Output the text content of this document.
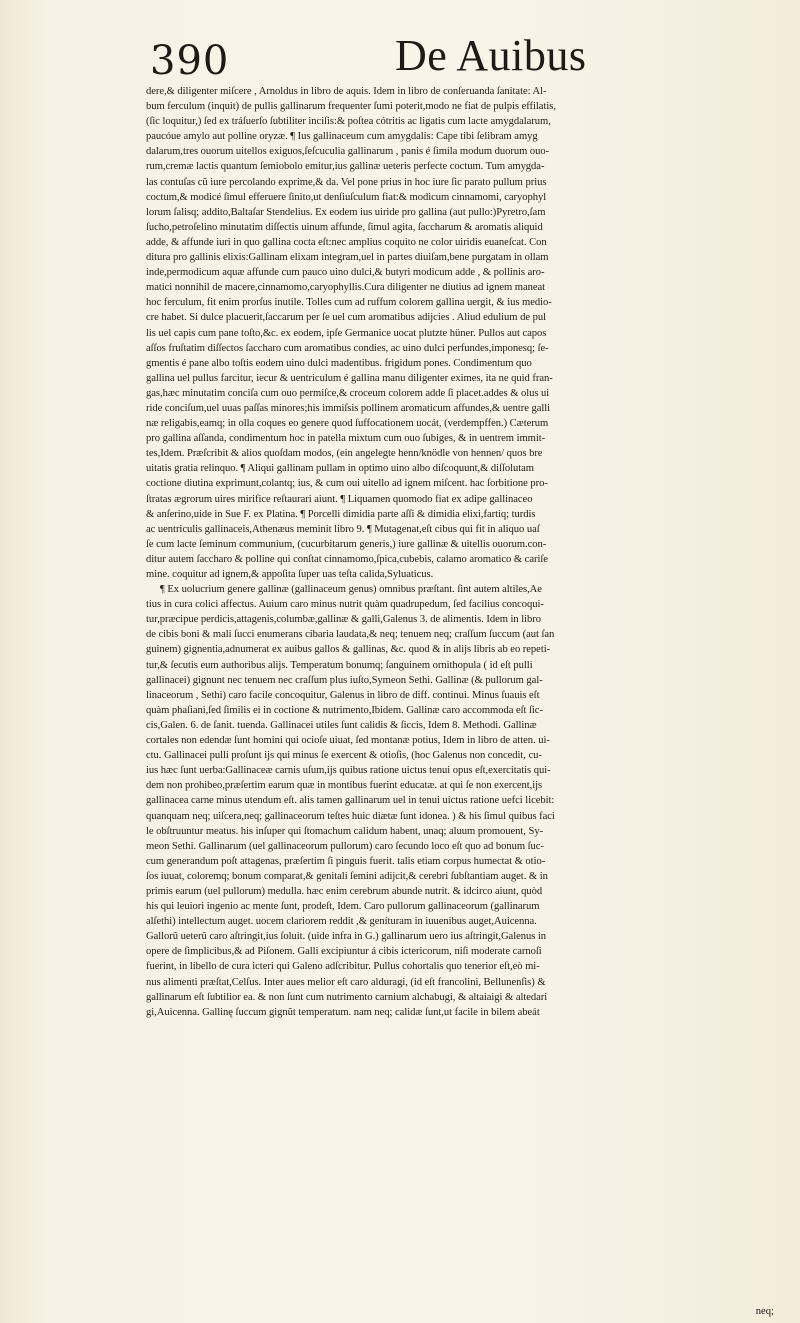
390	De Auibus
dere,& diligenter miſcere , Arnoldus in libro de aquis. Idem in libro de conſeruanda ſanitate: Al-
bum ferculum (inquit) de pullis gallinarum frequenter ſumi poterit,modo ne fiat de pulpis effilatis,
(ſic loquitur,) ſed ex tráſuerſo ſubtiliter inciſis:& poſtea cótritis ac ligatis cum lacte amygdalarum,
paucóue amylo aut polline oryzæ. ¶ Ius gallinaceum cum amygdalis: Cape tibi ſelibram amyg
dalarum,tres ouorum uitellos exiguos,ſeſcuculia gallinarum , panis é ſimila modum duorum ouo-
rum,cremæ lactis quantum ſemiobolo emitur,ius gallinæ ueteris perfecte coctum. Tum amygda-
las contuſas cũ iure percolando exprime,& da. Vel pone prius in hoc iure ſic parato pullum prius
coctum,& modicé ſimul efferuere ſinito,ut denſiuſculum fiat:& modicum cinnamomi, caryophyl
lorum ſalisq; addito,Baltaſar Stendelius. Ex eodem ius uiride pro gallina (aut pullo:)Pyretro,ſam
ſucho,petroſelino minutatim diſſectis uinum affunde, ſimul agita, ſaccharum & aromatis aliquid
adde, & affunde iuri in quo gallina cocta eſt:nec amplius coquito ne color uiridis euaneſcat. Con
ditura pro gallinis elixis:Gallinam elixam integram,uel in partes diuiſam,bene purgatam in ollam
inde,permodicum aquæ affunde cum pauco uino dulci,& butyri modicum adde , & pollinis aro-
matici nonnihil de macere,cinnamomo,caryophyllis.Cura diligenter ne diutius ad ignem maneat
hoc ferculum, fit enim prorſus inutile. Tolles cum ad ruffum colorem gallina uergit, & ius medio-
cre habet. Si dulce placuerit,ſaccarum per ſe uel cum aromatibus adijcies . Aliud edulium de pul
lis uel capis cum pane toſto,&c. ex eodem, ipſe Germanice uocat plutzte hüner. Pullos aut capos
aſſos fruſtatim diſſectos ſaccharo cum aromatibus condies, ac uino dulci perfundes,imponesq; ſe-
gmentis é pane albo toſtis eodem uino dulci madentibus. frigidum pones. Condimentum quo
gallina uel pullus farcitur, iecur & uentriculum é gallina manu diligenter eximes, ita ne quid fran-
gas,hæc minutatim conciſa cum ouo permiſce,& croceum colorem adde ſi placet.addes & olus ui
ride conciſum,uel uuas paſſas minores;his immiſsis pollinem aromaticum affundes,& uentre galli
næ religabis,eamq; in olla coques eo genere quod ſuffocationem uocát, (verdempffen.) Cæterum
pro gallina aſſanda, condimentum hoc in patella mixtum cum ouo ſubiges, & in uentrem immit-
tes,Idem. Præſcribit & alios quoſdam modos, (ein angelegte henn/knödle von hennen/ quos bre
uitatis gratia relinquo. ¶ Aliqui gallinam pullam in optimo uino albo diſcoquunt,& diſſolutam
coctione diutina exprimunt,colantq; ius, & cum oui uitello ad ignem miſcent. hac ſorbitione pro-
ſtratas ægrorum uires mirifice reſtaurari aiunt. ¶ Liquamen quomodo fiat ex adipe gallinaceo
& anſerino,uide in Sue F. ex Platina. ¶ Porcelli dimidia parte aſſi & dimidia elixi,fartiq; turdis
ac uentriculis gallinaceis,Athenæus meminit libro 9. ¶ Mutagenat,eſt cibus qui fit in aliquo uaſ
ſe cum lacte ſeminum communium, (cucurbitarum generis,) iure gallinæ & uitellis ouorum.con-
ditur autem ſaccharo & polline qui conſtat cinnamomo,ſpica,cubebis, calamo aromatico & cariſe
mine. coquitur ad ignem,& appoſita ſuper uas teſta calida,Syluaticus.
¶ Ex uolucrium genere gallinæ (gallinaceum genus) omnibus præſtant. ſint autem altiles,Ae
tius in cura colici affectus. Auium caro minus nutrit quàm quadrupedum, ſed facilius concoqui-
tur,præcipue perdicis,attagenis,columbæ,gallinæ & galli,Galenus 3. de alimentis. Idem in libro
de cibis boni & mali ſucci enumerans cibaria laudata,& neq; tenuem neq; craſſum ſuccum (aut ſan
guinem) gignentia,adnumerat ex auibus gallos & gallinas, &c. quod & in alijs libris ab eo repeti-
tur,& ſecutis eum authoribus alijs. Temperatum bonumq; ſanguinem ornithopula ( id eſt pulli
gallinacei) gignunt nec tenuem nec craſſum plus iuſto,Symeon Sethi. Gallinæ (& pullorum gal-
linaceorum , Sethi) caro facile concoquitur, Galenus in libro de diff. continui. Minus ſuauis eſt
quàm phaſiani,ſed ſimilis ei in coctione & nutrimento,Ibidem. Gallinæ caro accommoda eſt ſic-
cis,Galen. 6. de ſanit. tuenda. Gallinacei utiles ſunt calidis & ſiccis, Idem 8. Methodi. Gallinæ
cortales non edendæ ſunt homini qui ocioſe uiuat, ſed montanæ potius, Idem in libro de atten. ui-
ctu. Gallinacei pulli proſunt ijs qui minus ſe exercent & otioſis, (hoc Galenus non concedit, cu-
ius hæc ſunt uerba:Gallinaceæ carnis uſum,ijs quibus ratione uictus tenui opus eſt,exercitatis qui-
dem non prohibeo,præſertim earum quæ in montibus fuerint educatæ. at qui ſe non exercent,ijs
gallinacea carne minus utendum eſt. alis tamen gallinarum uel in tenui uictus ratione uefci licebit:
quanquam neq; uiſcera,neq; gallinaceorum teſtes huic diætæ ſunt idonea. ) & his ſimul quibus faci
le obſtruuntur meatus. his inſuper qui ſtomachum calidum habent, unaq; aluum promouent, Sy-
meon Sethi. Gallinarum (uel gallinaceorum pullorum) caro ſecundo loco eſt quo ad bonum ſuc-
cum generandum poſt attagenas, præſertim ſi pinguis fuerit. talis etiam corpus humectat & otio-
ſos iuuat, coloremq; bonum comparat,& genitali ſemini adijcit,& cerebri ſubſtantiam auget. & in
primis earum (uel pullorum) medulla. hæc enim cerebrum abunde nutrit. & idcirco aiunt, quòd
his qui leuiori ingenio ac mente ſunt, prodeſt, Idem. Caro pullorum gallinaceorum (gallinarum
alſethi) intellectum auget. uocem clariorem reddit ,& geníturam in iuuenibus auget,Auicenna.
Gallorũ ueterũ caro aſtringit,ius ſoluit. (uide infra in G.) gallinarum uero ius aſtringit,Galenus in
opere de ſimplicibus,& ad Piſonem. Galli excipiuntur á cibis ictericorum, niſi moderate carnoſi
fuerint, in libello de cura icteri qui Galeno adſcribitur. Pullus cohortalis quo tenerior eſt,eò mi-
nus alimenti præſtat,Celſus. Inter aues melior eſt caro alduragi, (id eſt francolini, Bellunenſis) &
gallinarum eſt ſubtilior ea. & non ſunt cum nutrimento carnium alchabugi, & altaiaigi & altedari
gi,Auicenna. Gallinę ſuccum gignũt temperatum. nam neq; calidæ ſunt,ut facile in bilem abeát
neq;
